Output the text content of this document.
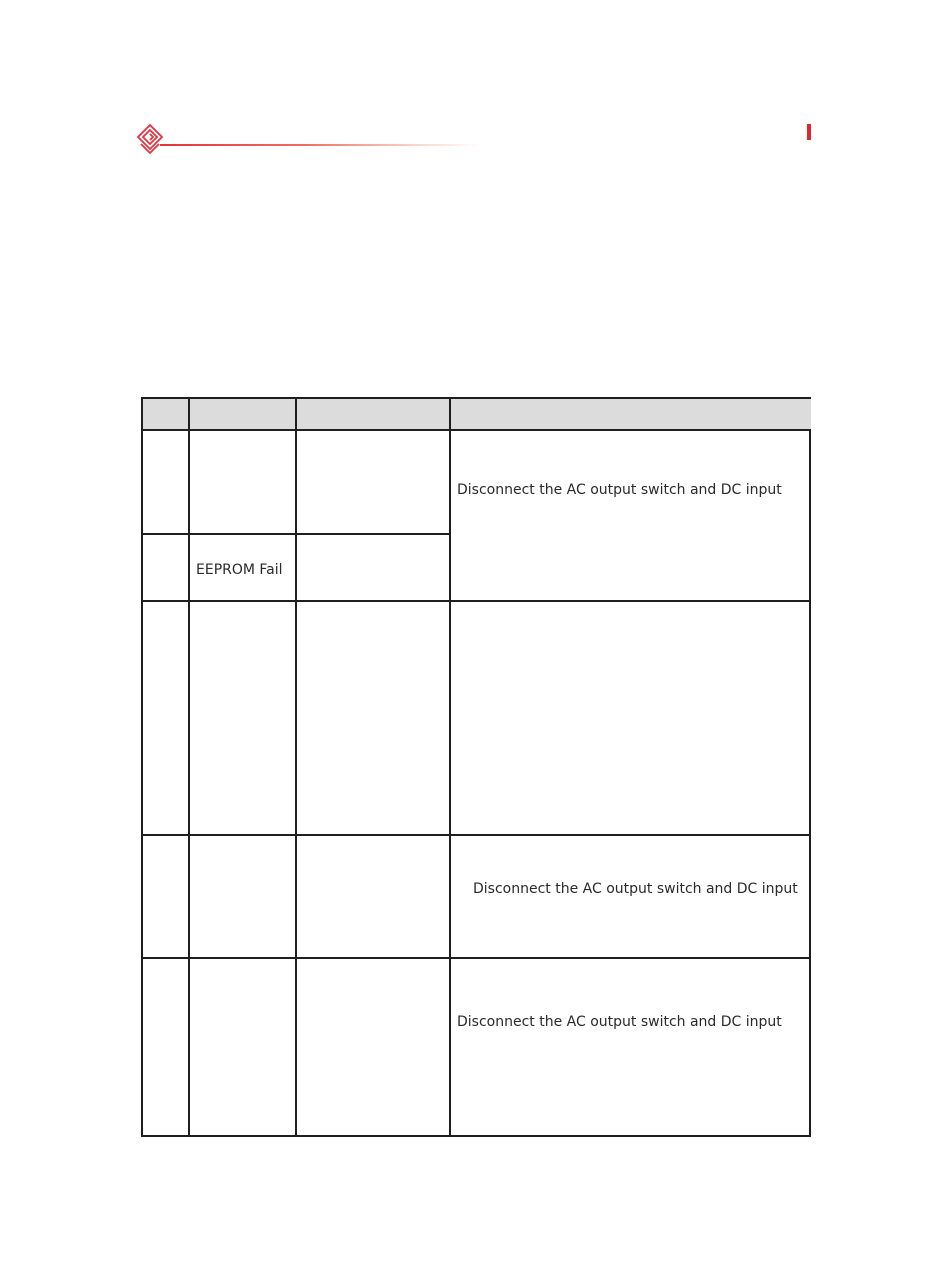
Disconnect the AC output switch and DC input
EEPROM Fail
Disconnect the AC output switch and DC input
Disconnect the AC output switch and DC input
